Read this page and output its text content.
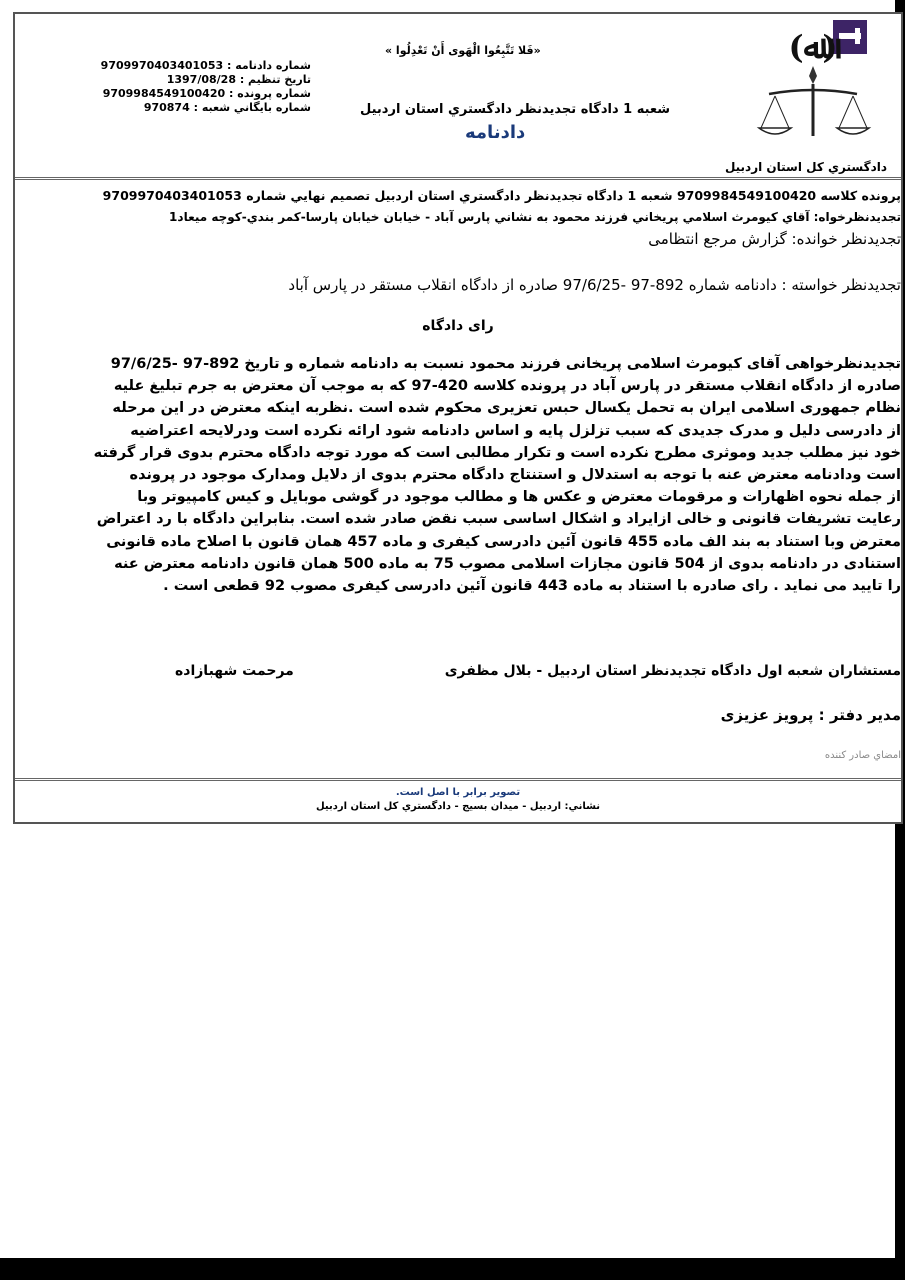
(ﷲ)
دادگستري كل استان اردبيل
«فَلا تَتَّبِعُوا الْهَوى أَنْ تَعْدِلُوا »
شعبه 1 دادگاه تجديدنظر دادگستري استان اردبيل
دادنامه
شماره دادنامه : 9709970403401053
تاريخ تنظيم : 1397/08/28
شماره پرونده : 9709984549100420
شماره بايگاني شعبه : 970874
پرونده كلاسه 9709984549100420 شعبه 1 دادگاه تجديدنظر دادگستري استان اردبيل تصميم نهايي شماره 9709970403401053
تجديدنظرخواه: آقاي كيومرث اسلامي پريخاني فرزند محمود به نشاني پارس آباد - خيابان خيابان پارسا-كمر بندي-كوچه ميعاد1
تجديدنظر خوانده: گزارش مرجع انتظامی
تجديدنظر خواسته : دادنامه شماره 892-97 -97/6/25 صادره از دادگاه انقلاب مستقر در پارس آباد
رای دادگاه

تجدیدنظرخواهی آقای کیومرث اسلامی پریخانی فرزند محمود نسبت به دادنامه شماره و تاریخ 892-97 -97/6/25

صادره از دادگاه انقلاب مستقر در پارس آباد در پرونده کلاسه 420-97 که به موجب آن معترض به جرم تبلیغ علیه

نظام جمهوری اسلامی ایران به تحمل یکسال حبس تعزیری محکوم شده است .نظربه اینکه معترض در این مرحله

از دادرسی دلیل و مدرک جدیدی که سبب تزلزل پایه و اساس دادنامه شود ارائه نکرده است ودرلایحه اعتراضیه

خود نیز مطلب جدید وموثری مطرح نکرده است و تکرار مطالبی است که مورد توجه دادگاه محترم بدوی قرار گرفته

است ودادنامه معترض عنه با توجه به استدلال و استنتاج دادگاه محترم بدوی از دلایل ومدارک موجود در پرونده

از جمله نحوه اظهارات و مرقومات معترض و عکس ها و مطالب موجود در گوشی موبایل و کیس کامپیوتر وبا

رعایت تشریفات قانونی و خالی ازایراد و اشکال اساسی سبب نقض صادر شده است. بنابراین دادگاه با رد اعتراض

معترض وبا استناد به بند الف ماده 455 قانون آئین دادرسی کیفری و ماده 457 همان قانون با اصلاح ماده قانونی

استنادی در دادنامه بدوی از 504 قانون مجازات اسلامی مصوب 75 به ماده 500 همان قانون دادنامه معترض عنه

را تایید می نماید . رای صادره با استناد به ماده 443 قانون آئین دادرسی کیفری مصوب 92 قطعی است .

مستشاران شعبه اول دادگاه تجدیدنظر استان اردبیل - بلال مظفری
مرحمت شهبازاده
مدیر دفتر : پرویز عزیزی
امضاي صادر كننده
تصوير برابر با اصل است.
نشاني: اردبيل - ميدان بسيج - دادگستري كل استان اردبيل
